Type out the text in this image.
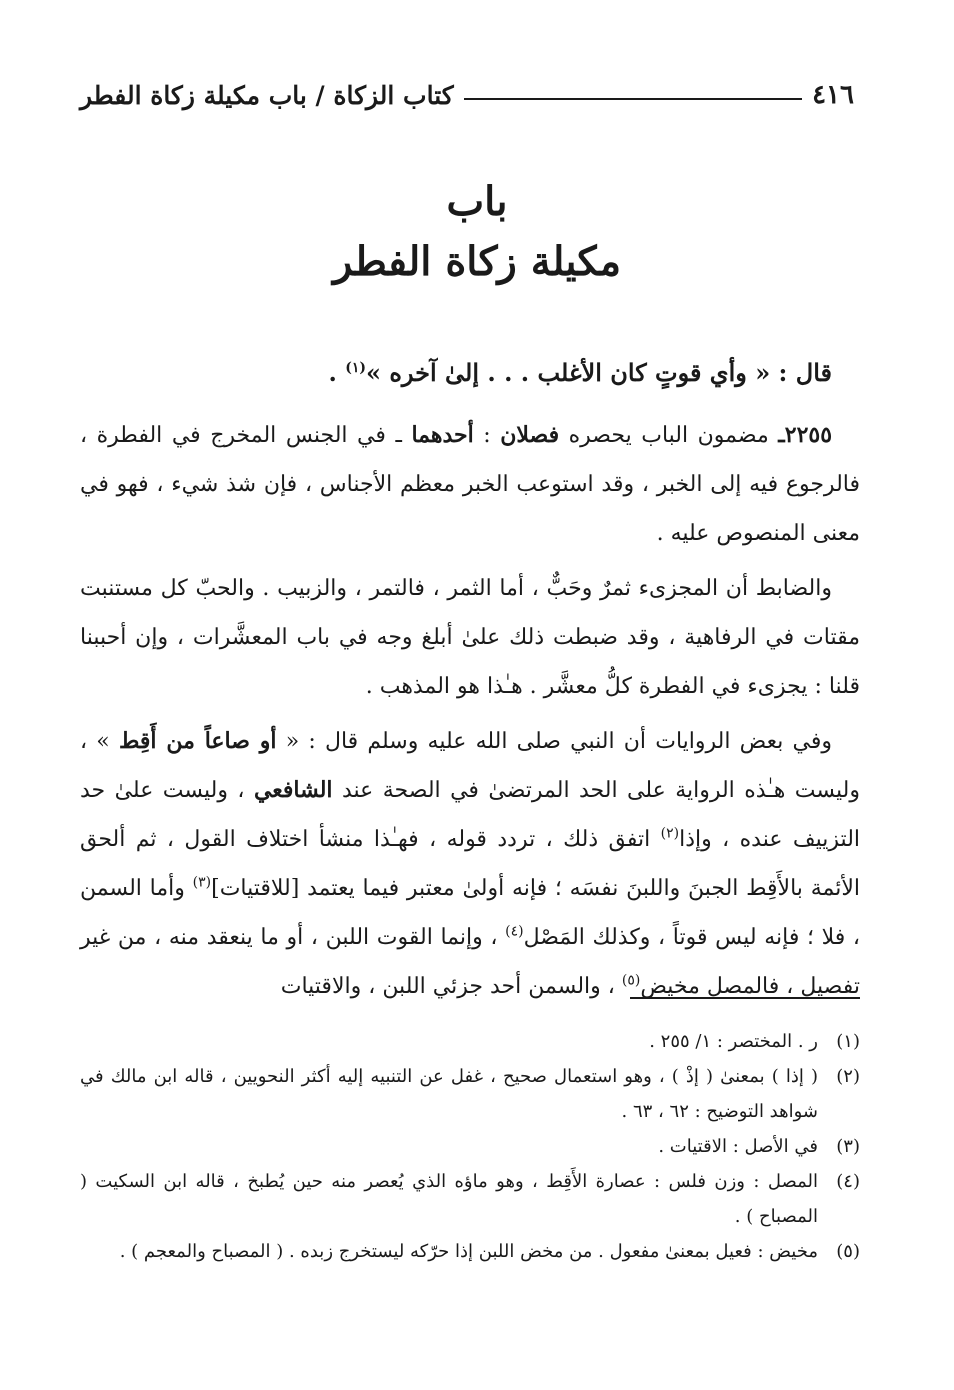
٤١٦
كتاب الزكاة / باب مكيلة زكاة الفطر
باب
مكيلة زكاة الفطر

قال : « وأي قوتٍ كان الأغلب . . . إلىٰ آخره »$^{(١)}$ .

٢٢٥٥ـ مضمون الباب يحصره فصلان : أحدهما ـ في الجنس المخرج في الفطرة ، فالرجوع فيه إلى الخبر ، وقد استوعب الخبر معظم الأجناس ، فإن شذ شيء ، فهو في معنى المنصوص عليه .

والضابط أن المجزىء ثمرٌ وحَبٌّ ، أما الثمر ، فالتمر ، والزبيب . والحبّ كل مستنبت مقتات في الرفاهية ، وقد ضبطت ذلك علىٰ أبلغ وجه في باب المعشَّرات ، وإن أحببنا قلنا : يجزىء في الفطرة كلُّ معشَّر . هـٰذا هو المذهب .

وفي بعض الروايات أن النبي صلى الله عليه وسلم قال : « أو صاعاً من أَقِط » ، وليست هـٰذه الرواية على الحد المرتضىٰ في الصحة عند الشافعي ، وليست علىٰ حد التزييف عنده ، وإذا$^{(٢)}$ اتفق ذلك ، تردد قوله ، فهـٰذا منشأ اختلاف القول ، ثم ألحق الأئمة بالأَقِط الجبنَ واللبنَ نفسَه ؛ فإنه أولىٰ معتبر فيما يعتمد [للاقتيات]$^{(٣)}$ وأما السمن ، فلا ؛ فإنه ليس قوتاً ، وكذلك المَصْل$^{(٤)}$ ، وإنما القوت اللبن ، أو ما ينعقد منه ، من غير تفصيل ، فالمصل مخيض$^{(٥)}$ ، والسمن أحد جزئي اللبن ، والاقتيات

(١)
ر . المختصر : ١/ ٢٥٥ .
(٢)
( إذا ) بمعنىٰ ( إذْ ) ، وهو استعمال صحيح ، غفل عن التنبيه إليه أكثر النحويين ، قاله ابن مالك في شواهد التوضيح : ٦٢ ، ٦٣ .
(٣)
في الأصل : الاقتيات .
(٤)
المصل : وزن فلس : عصارة الأَقِط ، وهو ماؤه الذي يُعصر منه حين يُطبخ ، قاله ابن السكيت ( المصباح ) .
(٥)
مخيض : فعيل بمعنىٰ مفعول . من مخض اللبن إذا حرّكه ليستخرج زبده . ( المصباح والمعجم ) .
